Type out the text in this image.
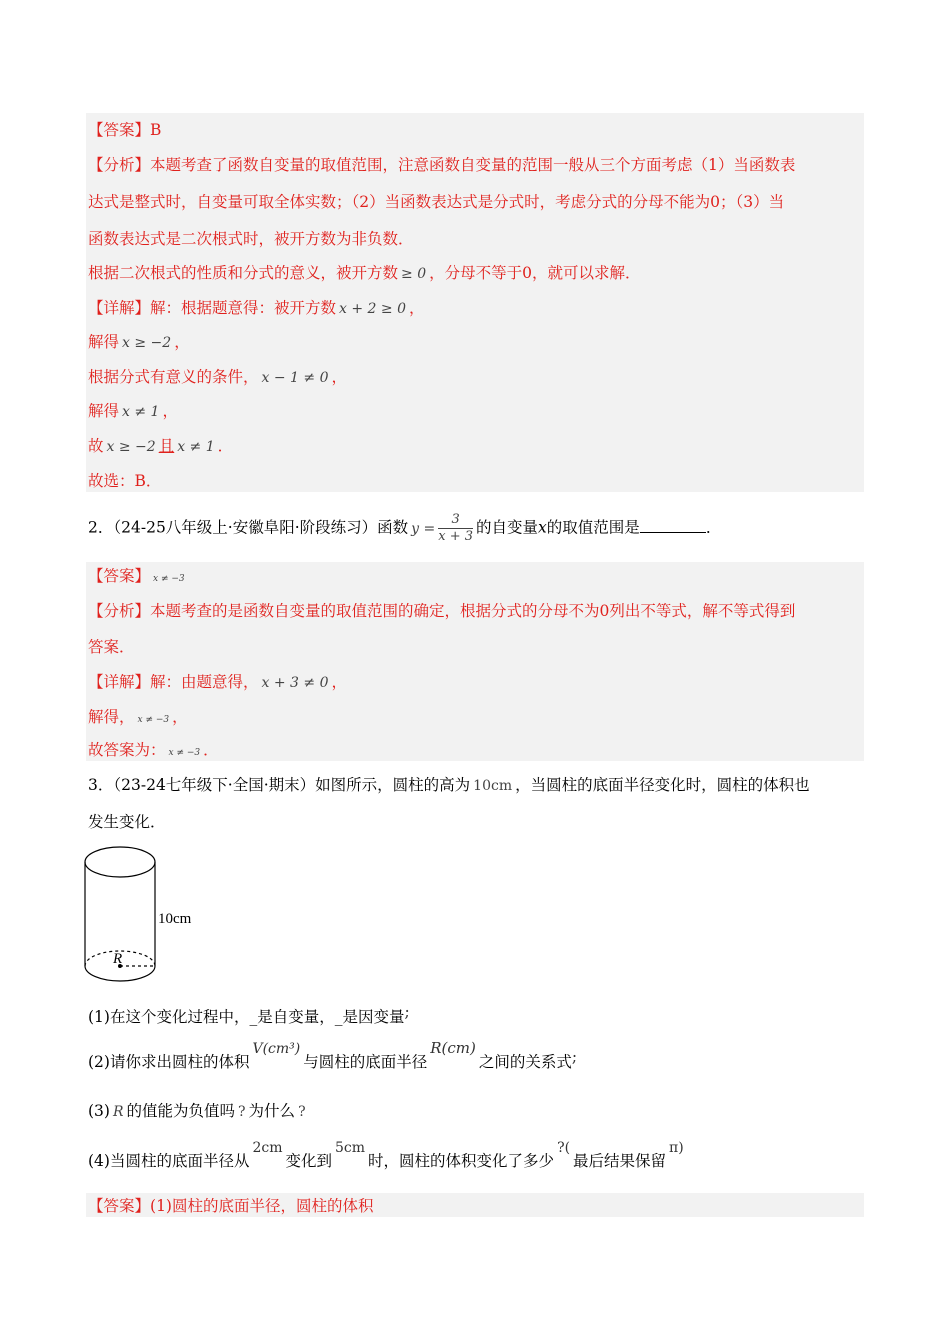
【答案】B
【分析】本题考查了函数自变量的取值范围，注意函数自变量的范围一般从三个方面考虑（1）当函数表
达式是整式时，自变量可取全体实数；（2）当函数表达式是分式时，考虑分式的分母不能为0；（3）当
函数表达式是二次根式时，被开方数为非负数．
根据二次根式的性质和分式的意义，被开方数 ≥ 0 ，分母不等于0，就可以求解．
【详解】解：根据题意得：被开方数 x + 2 ≥ 0 ，
解得 x ≥ −2 ，
根据分式有意义的条件， x − 1 ≠ 0 ，
解得 x ≠ 1 ，
故 x ≥ −2 且 x ≠ 1 ．
故选：B．
2．（24-25八年级上·安徽阜阳·阶段练习）函数 $y = \frac{3}{x + 3}$ 的自变量x的取值范围是	．
【答案】 x ≠ −3
【分析】本题考查的是函数自变量的取值范围的确定，根据分式的分母不为0列出不等式，解不等式得到
答案．
【详解】解：由题意得， x + 3 ≠ 0 ，
解得， x ≠ −3 ，
故答案为： x ≠ −3 ．
3．（23-24七年级下·全国·期末）如图所示，圆柱的高为 10cm ，当圆柱的底面半径变化时，圆柱的体积也
发生变化．
R
10cm
(1)在这个变化过程中，_是自变量，_是因变量;
(2)请你求出圆柱的体积V(cm³)与圆柱的底面半径R(cm)之间的关系式;
(3) R 的值能为负值吗 ? 为什么 ?
(4)当圆柱的底面半径从2cm变化到5cm时，圆柱的体积变化了多少?(最后结果保留π)
【答案】(1)圆柱的底面半径，圆柱的体积
